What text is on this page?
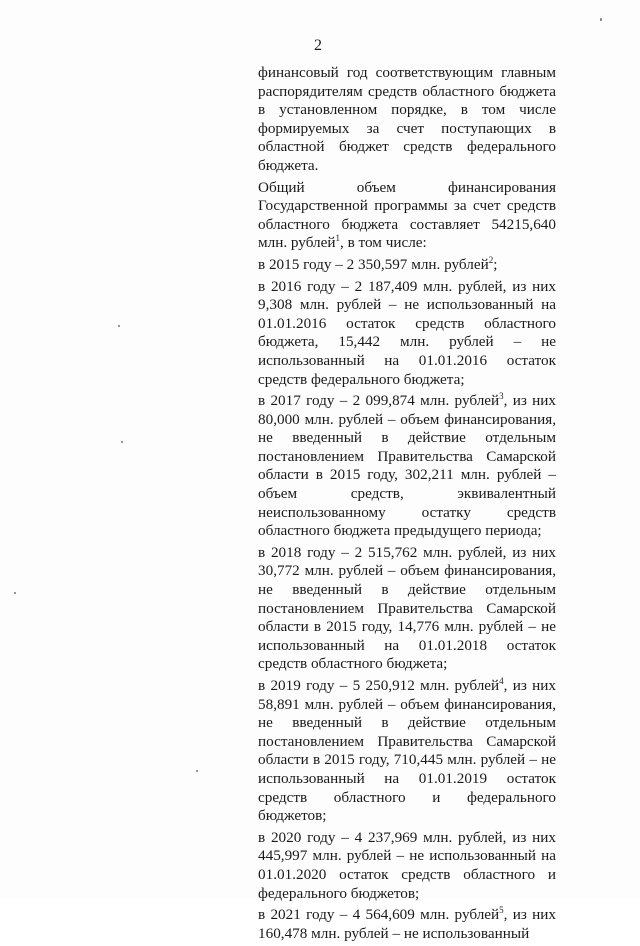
2

финансовый год соответствующим главным распорядителям средств областного бюджета в установленном порядке, в том числе формируемых за счет поступающих в областной бюджет средств федерального бюджета.

Общий объем финансирования Государственной программы за счет средств областного бюджета составляет 54215,640 млн. рублей$^1$, в том числе:

в 2015 году – 2 350,597 млн. рублей$^2$;

в 2016 году – 2 187,409 млн. рублей, из них 9,308 млн. рублей – не использованный на 01.01.2016 остаток средств областного бюджета, 15,442 млн. рублей – не использованный на 01.01.2016 остаток средств федерального бюджета;

в 2017 году – 2 099,874 млн. рублей$^3$, из них 80,000 млн. рублей – объем финансирования, не введенный в действие отдельным постановлением Правительства Самарской области в 2015 году, 302,211 млн. рублей – объем средств, эквивалентный неиспользованному остатку средств областного бюджета предыдущего периода;

в 2018 году – 2 515,762 млн. рублей, из них 30,772 млн. рублей – объем финансирования, не введенный в действие отдельным постановлением Правительства Самарской области в 2015 году, 14,776 млн. рублей – не использованный на 01.01.2018 остаток средств областного бюджета;

в 2019 году – 5 250,912 млн. рублей$^4$, из них 58,891 млн. рублей – объем финансирования, не введенный в действие отдельным постановлением Правительства Самарской области в 2015 году, 710,445 млн. рублей – не использованный на 01.01.2019 остаток средств областного и федерального бюджетов;

в 2020 году – 4 237,969 млн. рублей, из них 445,997 млн. рублей – не использованный на 01.01.2020 остаток средств областного и федерального бюджетов;

в 2021 году – 4 564,609 млн. рублей$^5$, из них 160,478 млн. рублей – не использованный
